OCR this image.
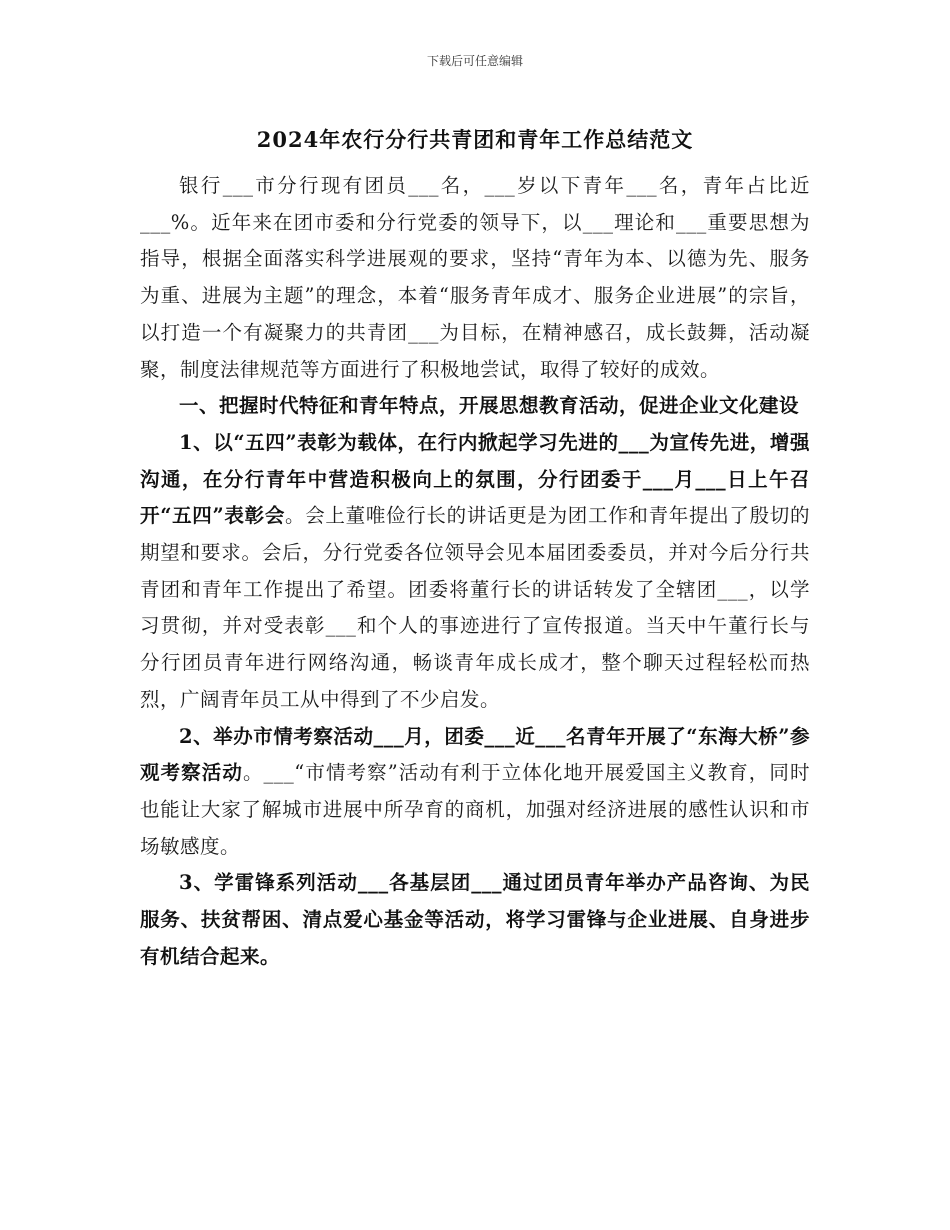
下载后可任意编辑
2024年农行分行共青团和青年工作总结范文

银行___市分行现有团员___名，___岁以下青年___名，青年占比近___%。近年来在团市委和分行党委的领导下，以___理论和___重要思想为指导，根据全面落实科学进展观的要求，坚持“青年为本、以德为先、服务为重、进展为主题”的理念，本着“服务青年成才、服务企业进展”的宗旨，以打造一个有凝聚力的共青团___为目标，在精神感召，成长鼓舞，活动凝聚，制度法律规范等方面进行了积极地尝试，取得了较好的成效。

一、把握时代特征和青年特点，开展思想教育活动，促进企业文化建设

1、以“五四”表彰为载体，在行内掀起学习先进的___为宣传先进，增强沟通，在分行青年中营造积极向上的氛围，分行团委于___月___日上午召开“五四”表彰会。会上董唯俭行长的讲话更是为团工作和青年提出了殷切的期望和要求。会后，分行党委各位领导会见本届团委委员，并对今后分行共青团和青年工作提出了希望。团委将董行长的讲话转发了全辖团___，以学习贯彻，并对受表彰___和个人的事迹进行了宣传报道。当天中午董行长与分行团员青年进行网络沟通，畅谈青年成长成才，整个聊天过程轻松而热烈，广阔青年员工从中得到了不少启发。

2、举办市情考察活动___月，团委___近___名青年开展了“东海大桥”参观考察活动。___“市情考察”活动有利于立体化地开展爱国主义教育，同时也能让大家了解城市进展中所孕育的商机，加强对经济进展的感性认识和市场敏感度。

3、学雷锋系列活动___各基层团___通过团员青年举办产品咨询、为民服务、扶贫帮困、清点爱心基金等活动，将学习雷锋与企业进展、自身进步有机结合起来。
